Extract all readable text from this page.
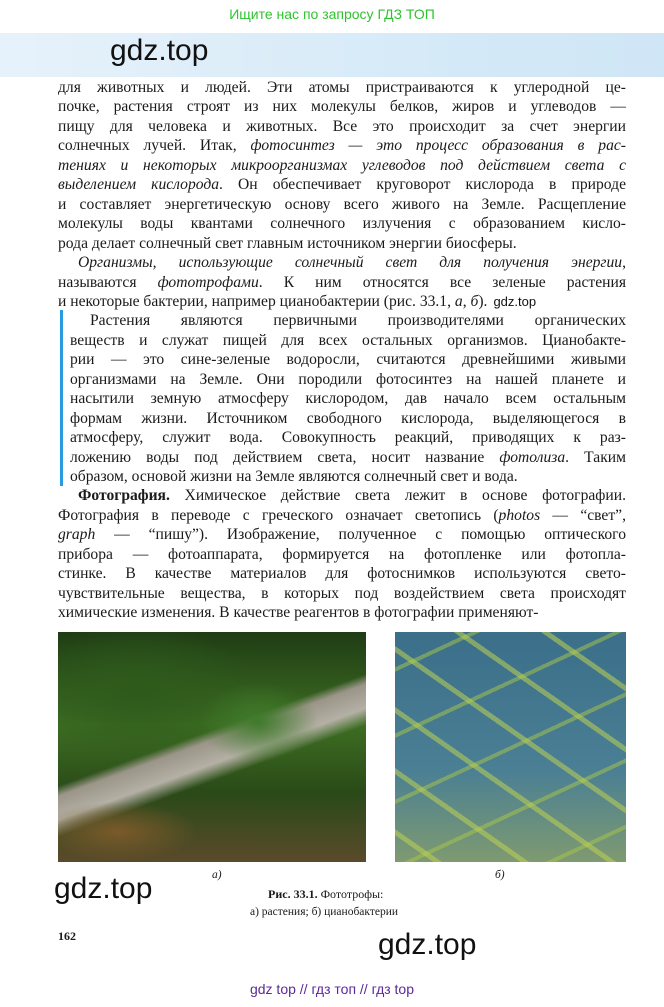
Ищите нас по запросу ГДЗ ТОП
gdz.top
для животных и людей. Эти атомы пристраиваются к углеродной це-
почке, растения строят из них молекулы белков, жиров и углеводов —
пищу для человека и животных. Все это происходит за счет энергии
солнечных лучей. Итак, фотосинтез — это процесс образования в рас-
тениях и некоторых микроорганизмах углеводов под действием света с
выделением кислорода. Он обеспечивает круговорот кислорода в природе
и составляет энергетическую основу всего живого на Земле. Расщепление
молекулы воды квантами солнечного излучения с образованием кисло-
рода делает солнечный свет главным источником энергии биосферы.
Организмы, использующие солнечный свет для получения энергии,
называются фототрофами. К ним относятся все зеленые растения
и некоторые бактерии, например цианобактерии (рис. 33.1, а, б). gdz.top
Растения являются первичными производителями органических
веществ и служат пищей для всех остальных организмов. Цианобакте-
рии — это сине-зеленые водоросли, считаются древнейшими живыми
организмами на Земле. Они породили фотосинтез на нашей планете и
насытили земную атмосферу кислородом, дав начало всем остальным
формам жизни. Источником свободного кислорода, выделяющегося в
атмосферу, служит вода. Совокупность реакций, приводящих к раз-
ложению воды под действием света, носит название фотолиза. Таким
образом, основой жизни на Земле являются солнечный свет и вода.
Фотография. Химическое действие света лежит в основе фотографии.
Фотография в переводе с греческого означает светопись (photos — “свет”,
graph — “пишу”). Изображение, полученное с помощью оптического
прибора — фотоаппарата, формируется на фотопленке или фотопла-
стинке. В качестве материалов для фотоснимков используются свето-
чувствительные вещества, в которых под воздействием света происходят
химические изменения. В качестве реагентов в фотографии применяют-
а)	б)
Рис. 33.1. Фототрофы:
а) растения; б) цианобактерии
gdz.top
162	gdz.top
gdz top // гдз топ // гдз top
